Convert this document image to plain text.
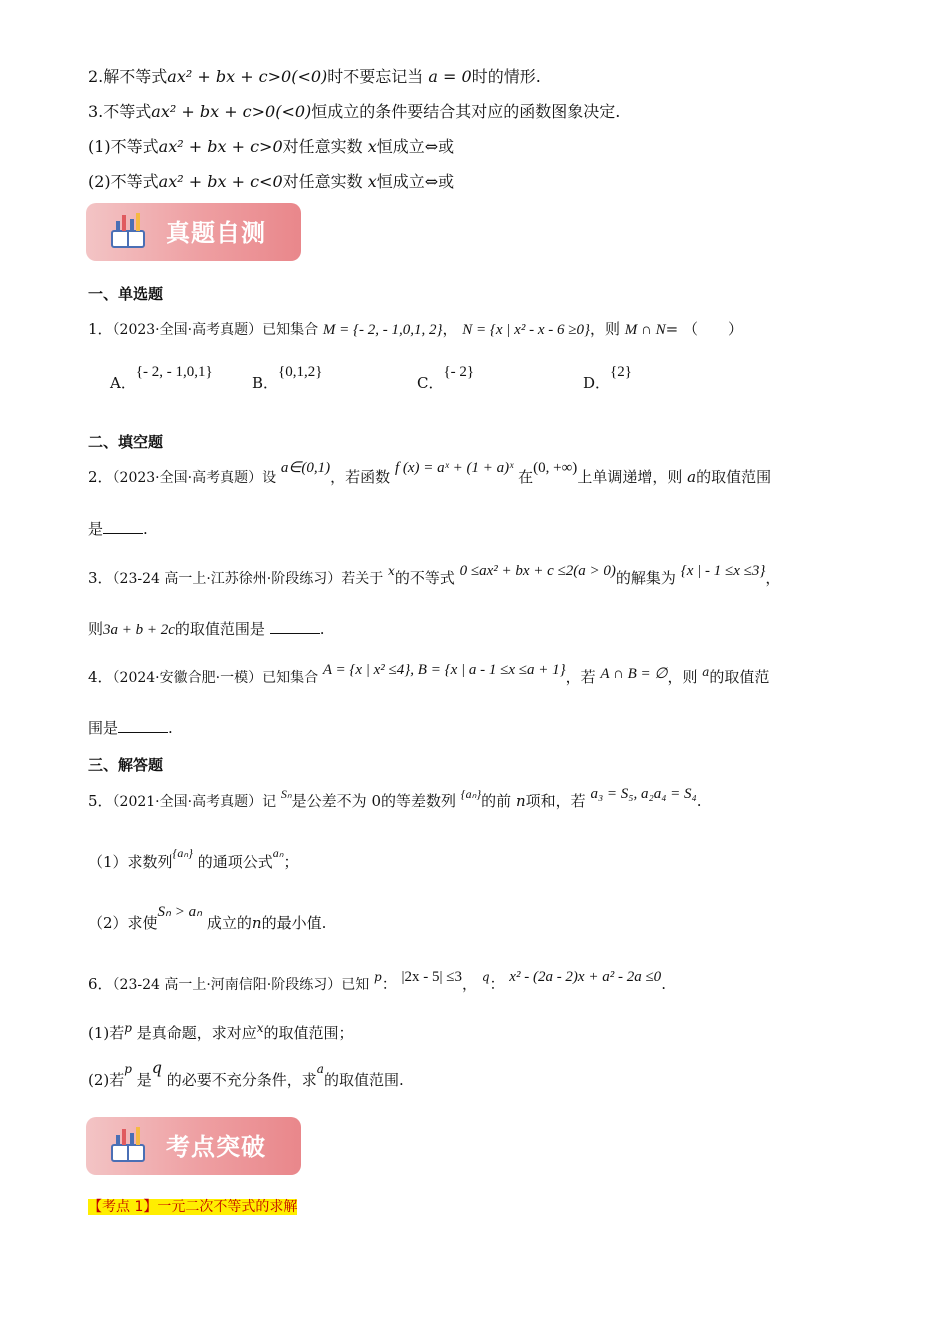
2.解不等式ax² + bx + c>0(<0)时不要忘记当 a = 0时的情形.
3.不等式ax² + bx + c>0(<0)恒成立的条件要结合其对应的函数图象决定.
(1)不等式ax² + bx + c>0对任意实数 x恒成立⇔或
(2)不等式ax² + bx + c<0对任意实数 x恒成立⇔或
真题自测
一、单选题
1．（2023·全国·高考真题）已知集合 M = {- 2, - 1,0,1, 2}， N = {x | x² - x - 6 ≥0}，则 M ∩ N= （　　）
A．{- 2, - 1,0,1}
B．{0,1,2}
C．{- 2}
D．{2}
二、填空题
2．（2023·全国·高考真题）设 a∈(0,1)，若函数 f (x) = aˣ + (1 + a)ˣ 在(0, +∞)上单调递增，则 a的取值范围
是	.
3．（23-24 高一上·江苏徐州·阶段练习）若关于 $^x$的不等式 0 ≤ax² + bx + c ≤2(a > 0)的解集为 {x | - 1 ≤x ≤3}，
则3a + b + 2c的取值范围是	.
4．（2024·安徽合肥·一模）已知集合 A = {x | x² ≤4}, B = {x | a - 1 ≤x ≤a + 1}，若 A ∩ B = ∅，则 $^a$的取值范
围是	.
三、解答题
5．（2021·全国·高考真题）记 $^{S_n}$是公差不为 0的等差数列 $^{\{a_n\}}$的前 n项和，若 a₃ = S₅, a₂a₄ = S₄.
（1）求数列$^{\{a_n\}}$ 的通项公式$^{a_n}$；
（2）求使Sₙ > aₙ 成立的n的最小值.
6．（23-24 高一上·河南信阳·阶段练习）已知 $^p$： |2x - 5| ≤3， $^q$： x² - (2a - 2)x + a² - 2a ≤0.
(1)若$^p$ 是真命题，求对应$^x$的取值范围；
(2)若$^p$ 是q 的必要不充分条件，求$^a$的取值范围.
考点突破
【考点 1】一元二次不等式的求解
